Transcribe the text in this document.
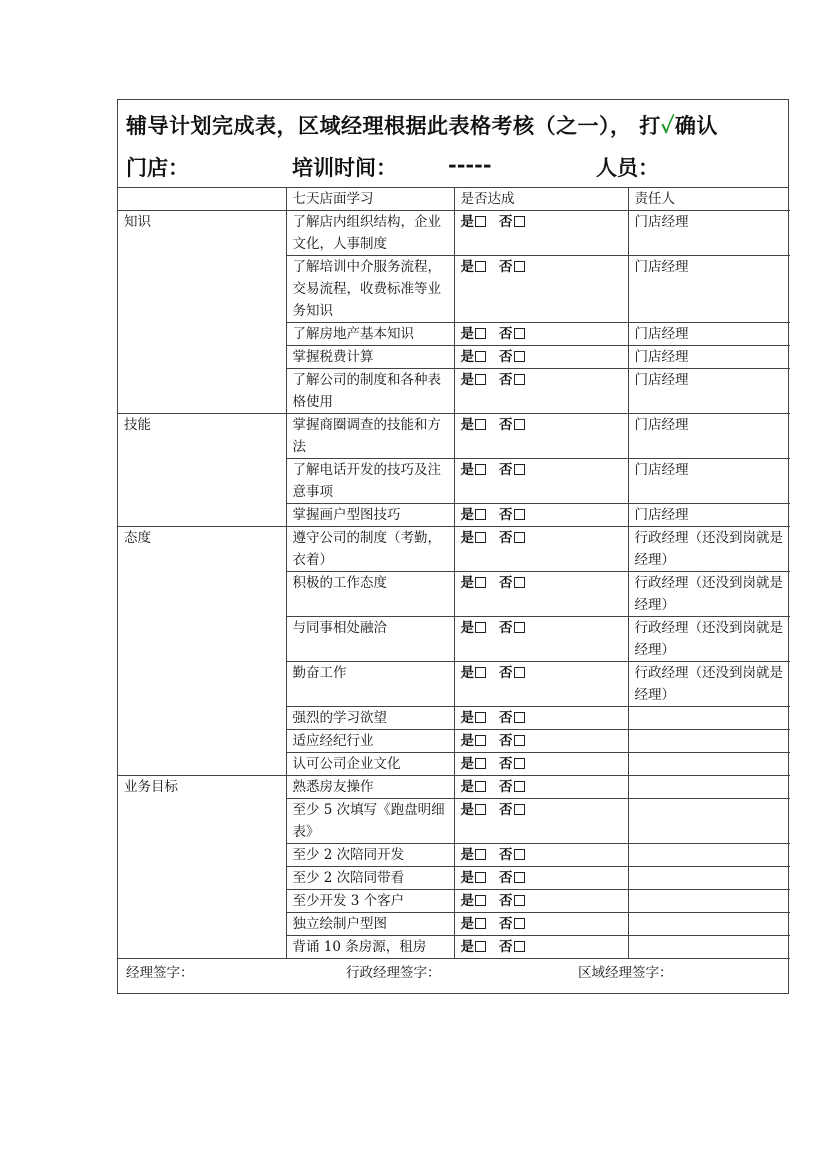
辅导计划完成表，区域经理根据此表格考核（之一）， 打✓确认
门店：	培训时间： -----	人员：
	七天店面学习	是否达成	责任人
知识	了解店内组织结构，企业文化，人事制度	是 否	门店经理
	了解培训中介服务流程，交易流程，收费标准等业务知识	是 否	门店经理
	了解房地产基本知识	是 否	门店经理
	掌握税费计算	是 否	门店经理
	了解公司的制度和各种表格使用	是 否	门店经理
技能	掌握商圈调查的技能和方法	是 否	门店经理
	了解电话开发的技巧及注意事项	是 否	门店经理
	掌握画户型图技巧	是 否	门店经理
态度	遵守公司的制度（考勤，衣着）	是 否	行政经理（还没到岗就是经理）
	积极的工作态度	是 否	行政经理（还没到岗就是经理）
	与同事相处融洽	是 否	行政经理（还没到岗就是经理）
	勤奋工作	是 否	行政经理（还没到岗就是经理）
	强烈的学习欲望	是 否	
	适应经纪行业	是 否	
	认可公司企业文化	是 否	
业务目标	熟悉房友操作	是 否	
	至少 5 次填写《跑盘明细表》	是 否	
	至少 2 次陪同开发	是 否	
	至少 2 次陪同带看	是 否	
	至少开发 3 个客户	是 否	
	独立绘制户型图	是 否	
	背诵 10 条房源，租房	是 否	
经理签字：	行政经理签字：	区域经理签字：
